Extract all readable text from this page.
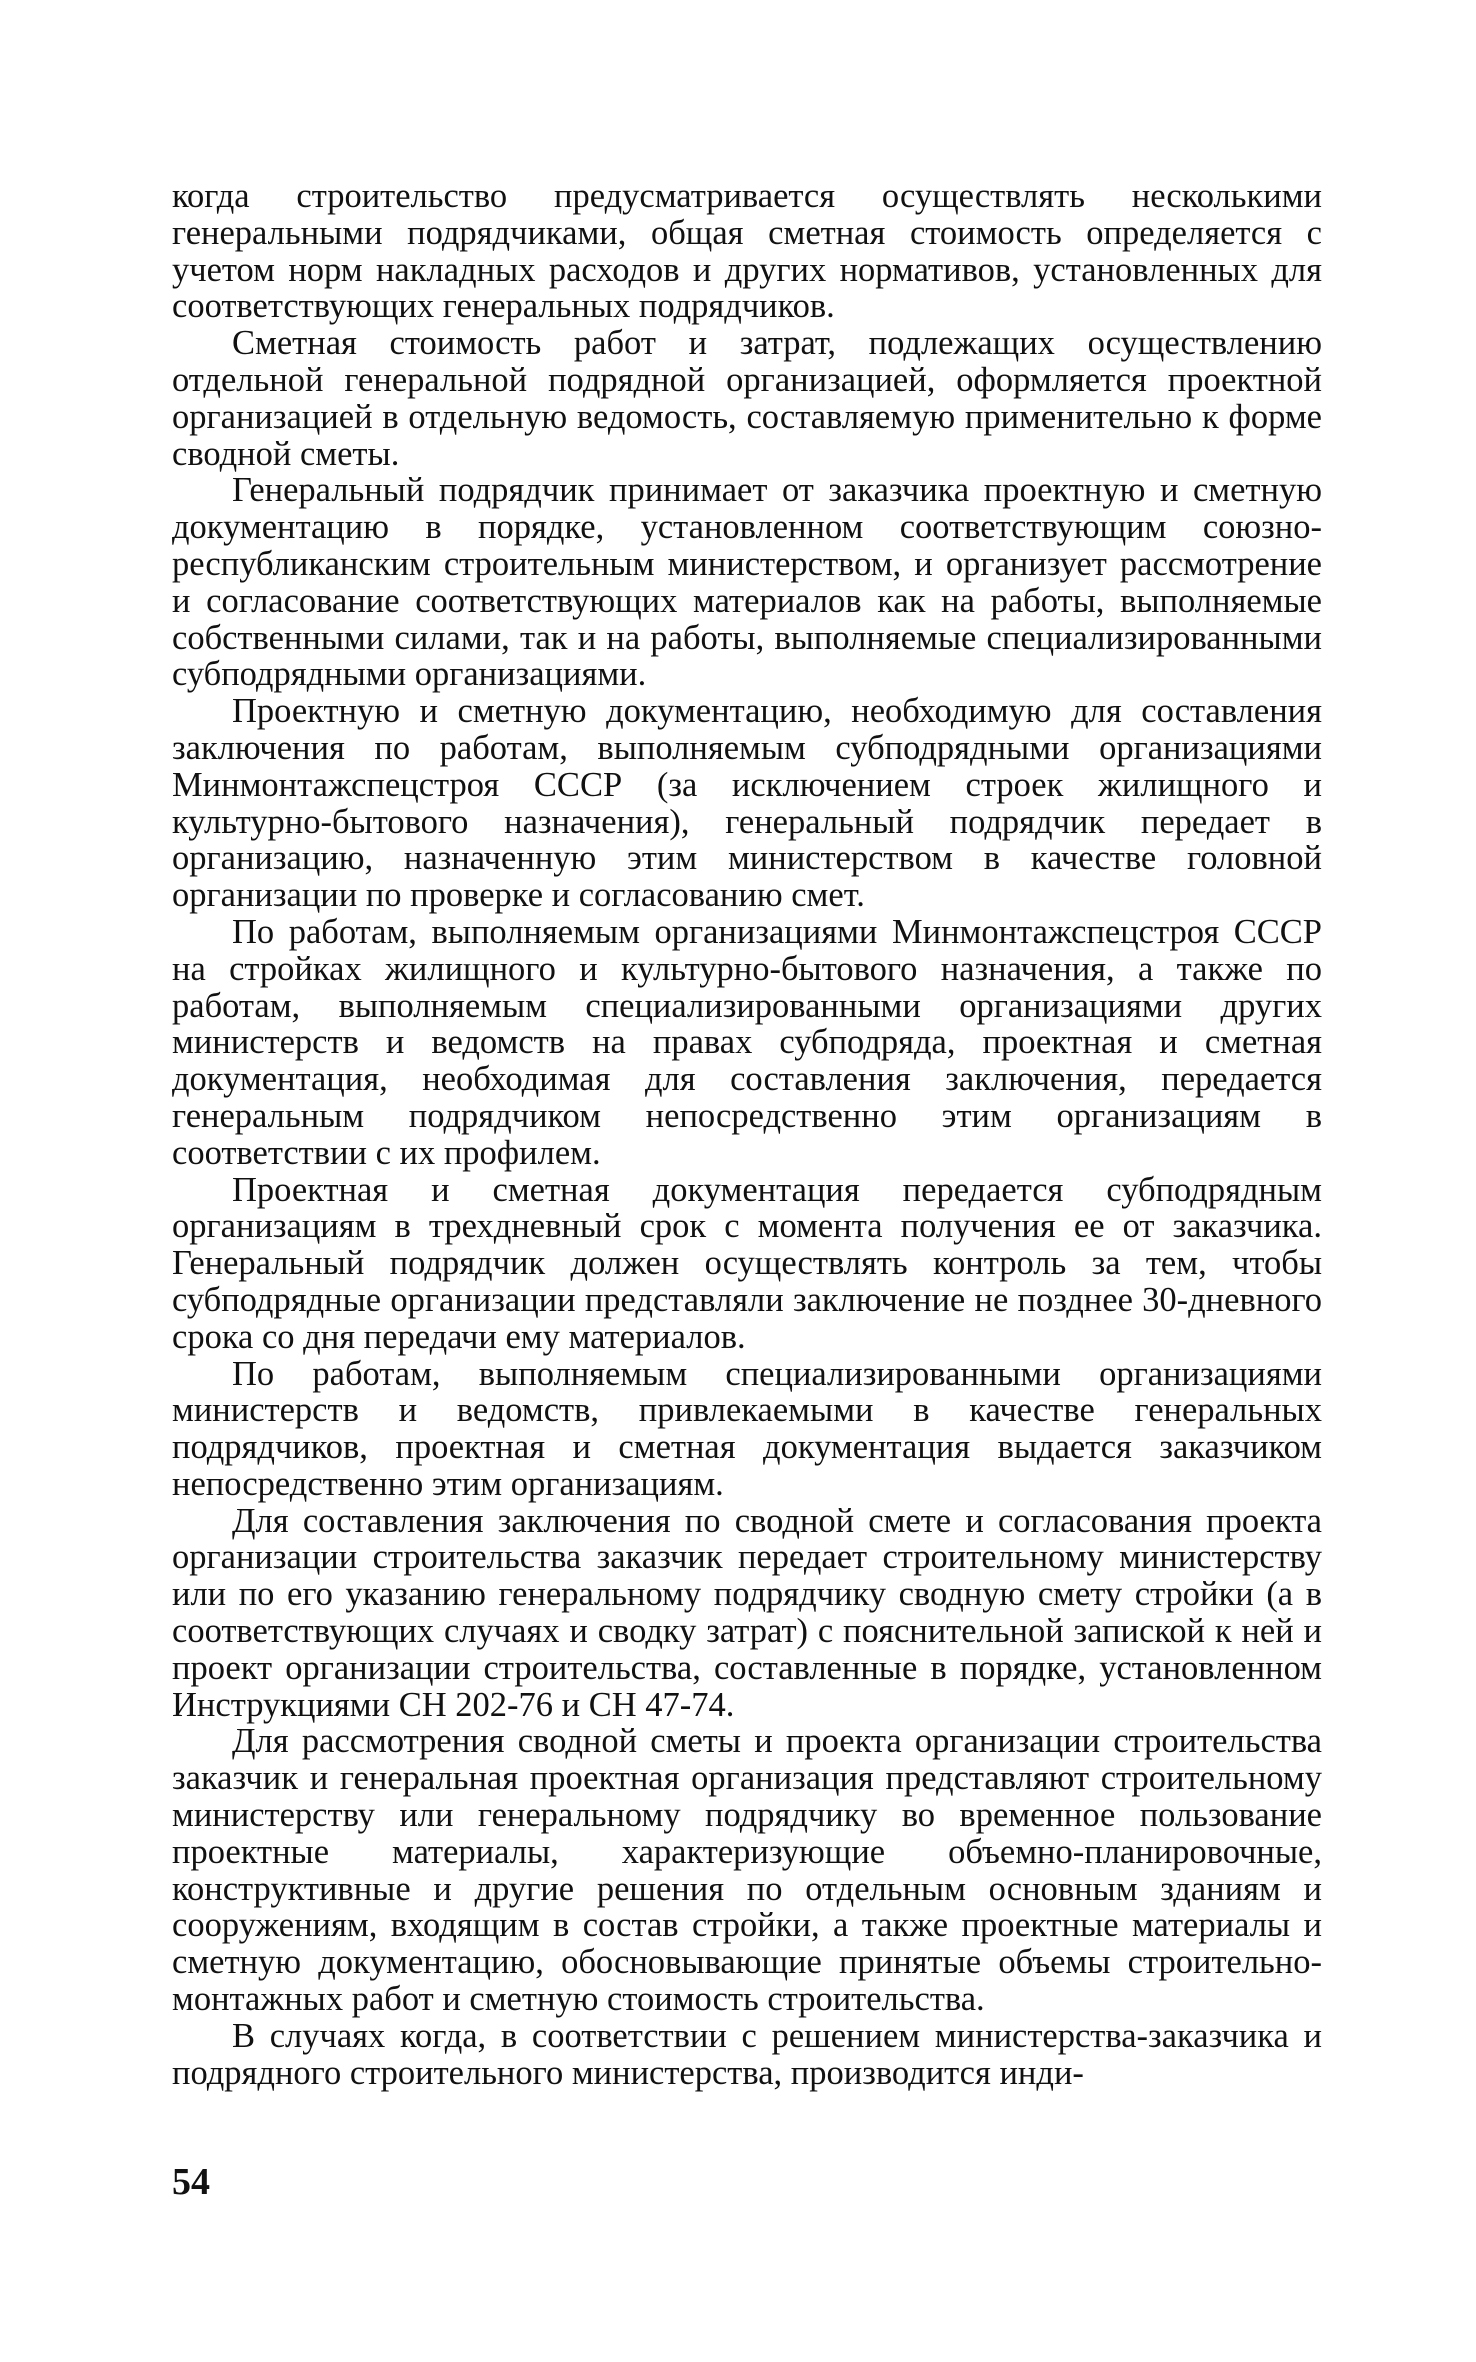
когда строительство предусматривается осуществлять несколькими генеральными подрядчиками, общая сметная стоимость определяется с учетом норм накладных расходов и других нормативов, установленных для соответствующих генеральных подрядчиков.

Сметная стоимость работ и затрат, подлежащих осуществлению отдельной генеральной подрядной организацией, оформляется проектной организацией в отдельную ведомость, составляемую применительно к форме сводной сметы.

Генеральный подрядчик принимает от заказчика проектную и сметную документацию в порядке, установленном соответствующим союзно-республиканским строительным министерством, и организует рассмотрение и согласование соответствующих материалов как на работы, выполняемые собственными силами, так и на работы, выполняемые специализированными субподрядными организациями.

Проектную и сметную документацию, необходимую для составления заключения по работам, выполняемым субподрядными организациями Минмонтажспецстроя СССР (за исключением строек жилищного и культурно-бытового назначения), генеральный подрядчик передает в организацию, назначенную этим министерством в качестве головной организации по проверке и согласованию смет.

По работам, выполняемым организациями Минмонтажспецстроя СССР на стройках жилищного и культурно-бытового назначения, а также по работам, выполняемым специализированными организациями других министерств и ведомств на правах субподряда, проектная и сметная документация, необходимая для составления заключения, передается генеральным подрядчиком непосредственно этим организациям в соответствии с их профилем.

Проектная и сметная документация передается субподрядным организациям в трехдневный срок с момента получения ее от заказчика. Генеральный подрядчик должен осуществлять контроль за тем, чтобы субподрядные организации представляли заключение не позднее 30-дневного срока со дня передачи ему материалов.

По работам, выполняемым специализированными организациями министерств и ведомств, привлекаемыми в качестве генеральных подрядчиков, проектная и сметная документация выдается заказчиком непосредственно этим организациям.

Для составления заключения по сводной смете и согласования проекта организации строительства заказчик передает строительному министерству или по его указанию генеральному подрядчику сводную смету стройки (а в соответствующих случаях и сводку затрат) с пояснительной запиской к ней и проект организации строительства, составленные в порядке, установленном Инструкциями СН 202-76 и СН 47-74.

Для рассмотрения сводной сметы и проекта организации строительства заказчик и генеральная проектная организация представляют строительному министерству или генеральному подрядчику во временное пользование проектные материалы, характеризующие объемно-планировочные, конструктивные и другие решения по отдельным основным зданиям и сооружениям, входящим в состав стройки, а также проектные материалы и сметную документацию, обосновывающие принятые объемы строительно-монтажных работ и сметную стоимость строительства.

В случаях когда, в соответствии с решением министерства-заказчика и подрядного строительного министерства, производится инди-

54
